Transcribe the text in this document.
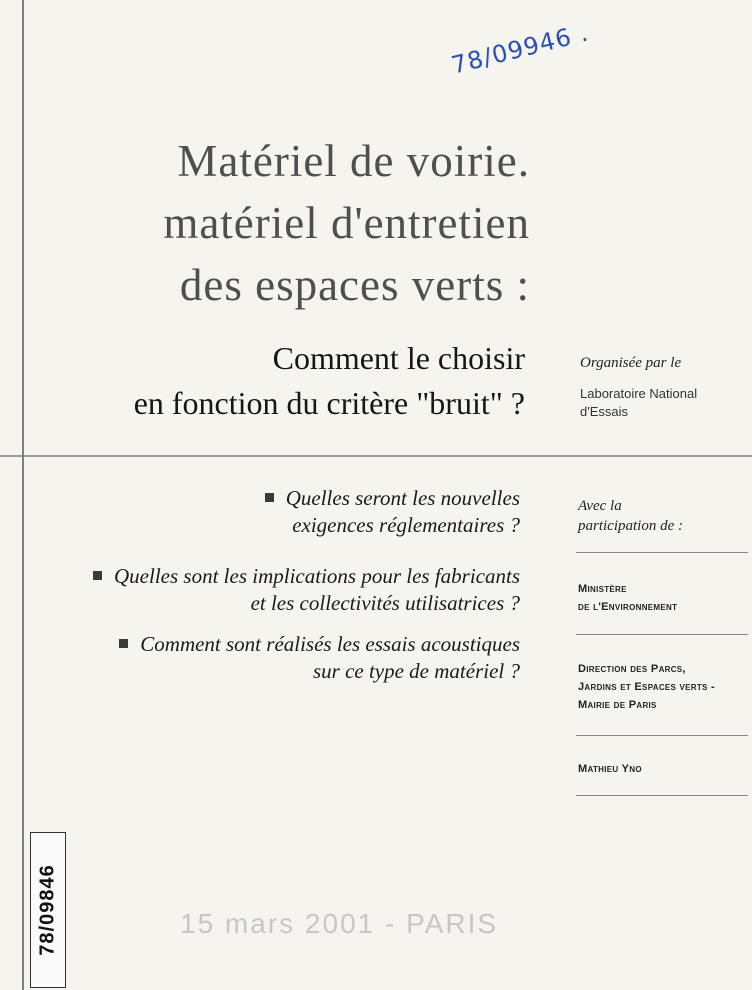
78/09946 .
Matériel de voirie.
matériel d'entretien
des espaces verts :
Comment le choisir
en fonction du critère "bruit" ?
Organisée par le
Laboratoire National
d'Essais
Quelles seront les nouvelles
exigences réglementaires ?
Quelles sont les implications pour les fabricants
et les collectivités utilisatrices ?
Comment sont réalisés les essais acoustiques
sur ce type de matériel ?
Avec la
participation de :
Ministère
de l'Environnement
Direction des Parcs,
Jardins et Espaces verts -
Mairie de Paris
Mathieu Yno
15 mars 2001 - PARIS
78/09846
